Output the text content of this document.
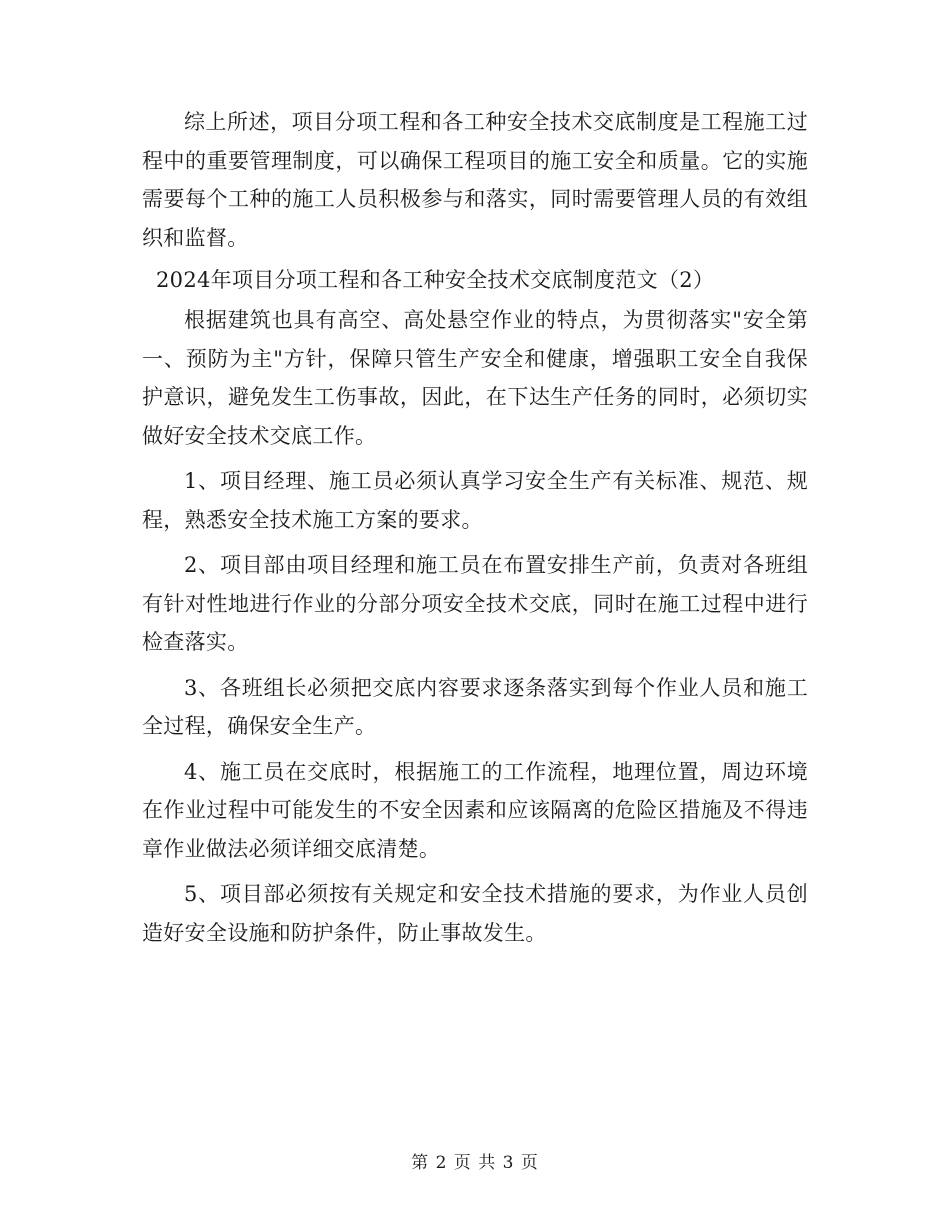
综上所述，项目分项工程和各工种安全技术交底制度是工程施工过程中的重要管理制度，可以确保工程项目的施工安全和质量。它的实施需要每个工种的施工人员积极参与和落实，同时需要管理人员的有效组织和监督。

2024年项目分项工程和各工种安全技术交底制度范文（2）

根据建筑也具有高空、高处悬空作业的特点，为贯彻落实"安全第一、预防为主"方针，保障只管生产安全和健康，增强职工安全自我保护意识，避免发生工伤事故，因此，在下达生产任务的同时，必须切实做好安全技术交底工作。

1、项目经理、施工员必须认真学习安全生产有关标准、规范、规程，熟悉安全技术施工方案的要求。

2、项目部由项目经理和施工员在布置安排生产前，负责对各班组有针对性地进行作业的分部分项安全技术交底，同时在施工过程中进行检查落实。

3、各班组长必须把交底内容要求逐条落实到每个作业人员和施工全过程，确保安全生产。

4、施工员在交底时，根据施工的工作流程，地理位置，周边环境在作业过程中可能发生的不安全因素和应该隔离的危险区措施及不得违章作业做法必须详细交底清楚。

5、项目部必须按有关规定和安全技术措施的要求，为作业人员创造好安全设施和防护条件，防止事故发生。

第 2 页 共 3 页
